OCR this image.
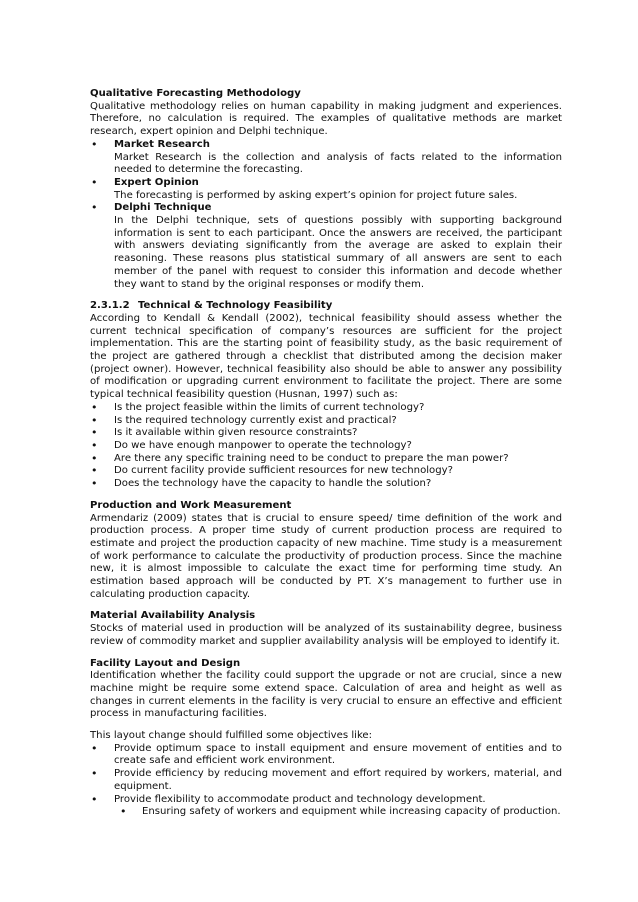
Qualitative Forecasting Methodology

Qualitative methodology relies on human capability in making judgment and experiences. Therefore, no calculation is required. The examples of qualitative methods are market research, expert opinion and Delphi technique.

• Market Research
Market Research is the collection and analysis of facts related to the information needed to determine the forecasting.
• Expert Opinion
The forecasting is performed by asking expert’s opinion for project future sales.
• Delphi Technique
In the Delphi technique, sets of questions possibly with supporting background information is sent to each participant. Once the answers are received, the participant with answers deviating significantly from the average are asked to explain their reasoning. These reasons plus statistical summary of all answers are sent to each member of the panel with request to consider this information and decode whether they want to stand by the original responses or modify them.

2.3.1.2 Technical & Technology Feasibility

According to Kendall & Kendall (2002), technical feasibility should assess whether the current technical specification of company’s resources are sufficient for the project implementation. This are the starting point of feasibility study, as the basic requirement of the project are gathered through a checklist that distributed among the decision maker (project owner). However, technical feasibility also should be able to answer any possibility of modification or upgrading current environment to facilitate the project. There are some typical technical feasibility question (Husnan, 1997) such as:

• Is the project feasible within the limits of current technology?
• Is the required technology currently exist and practical?
• Is it available within given resource constraints?
• Do we have enough manpower to operate the technology?
• Are there any specific training need to be conduct to prepare the man power?
• Do current facility provide sufficient resources for new technology?
• Does the technology have the capacity to handle the solution?

Production and Work Measurement

Armendariz (2009) states that is crucial to ensure speed/ time definition of the work and production process. A proper time study of current production process are required to estimate and project the production capacity of new machine. Time study is a measurement of work performance to calculate the productivity of production process. Since the machine new, it is almost impossible to calculate the exact time for performing time study. An estimation based approach will be conducted by PT. X’s management to further use in calculating production capacity.

Material Availability Analysis

Stocks of material used in production will be analyzed of its sustainability degree, business review of commodity market and supplier availability analysis will be employed to identify it.

Facility Layout and Design

Identification whether the facility could support the upgrade or not are crucial, since a new machine might be require some extend space. Calculation of area and height as well as changes in current elements in the facility is very crucial to ensure an effective and efficient process in manufacturing facilities.

This layout change should fulfilled some objectives like:

• Provide optimum space to install equipment and ensure movement of entities and to create safe and efficient work environment.
• Provide efficiency by reducing movement and effort required by workers, material, and equipment.
• Provide flexibility to accommodate product and technology development.
• Ensuring safety of workers and equipment while increasing capacity of production.
